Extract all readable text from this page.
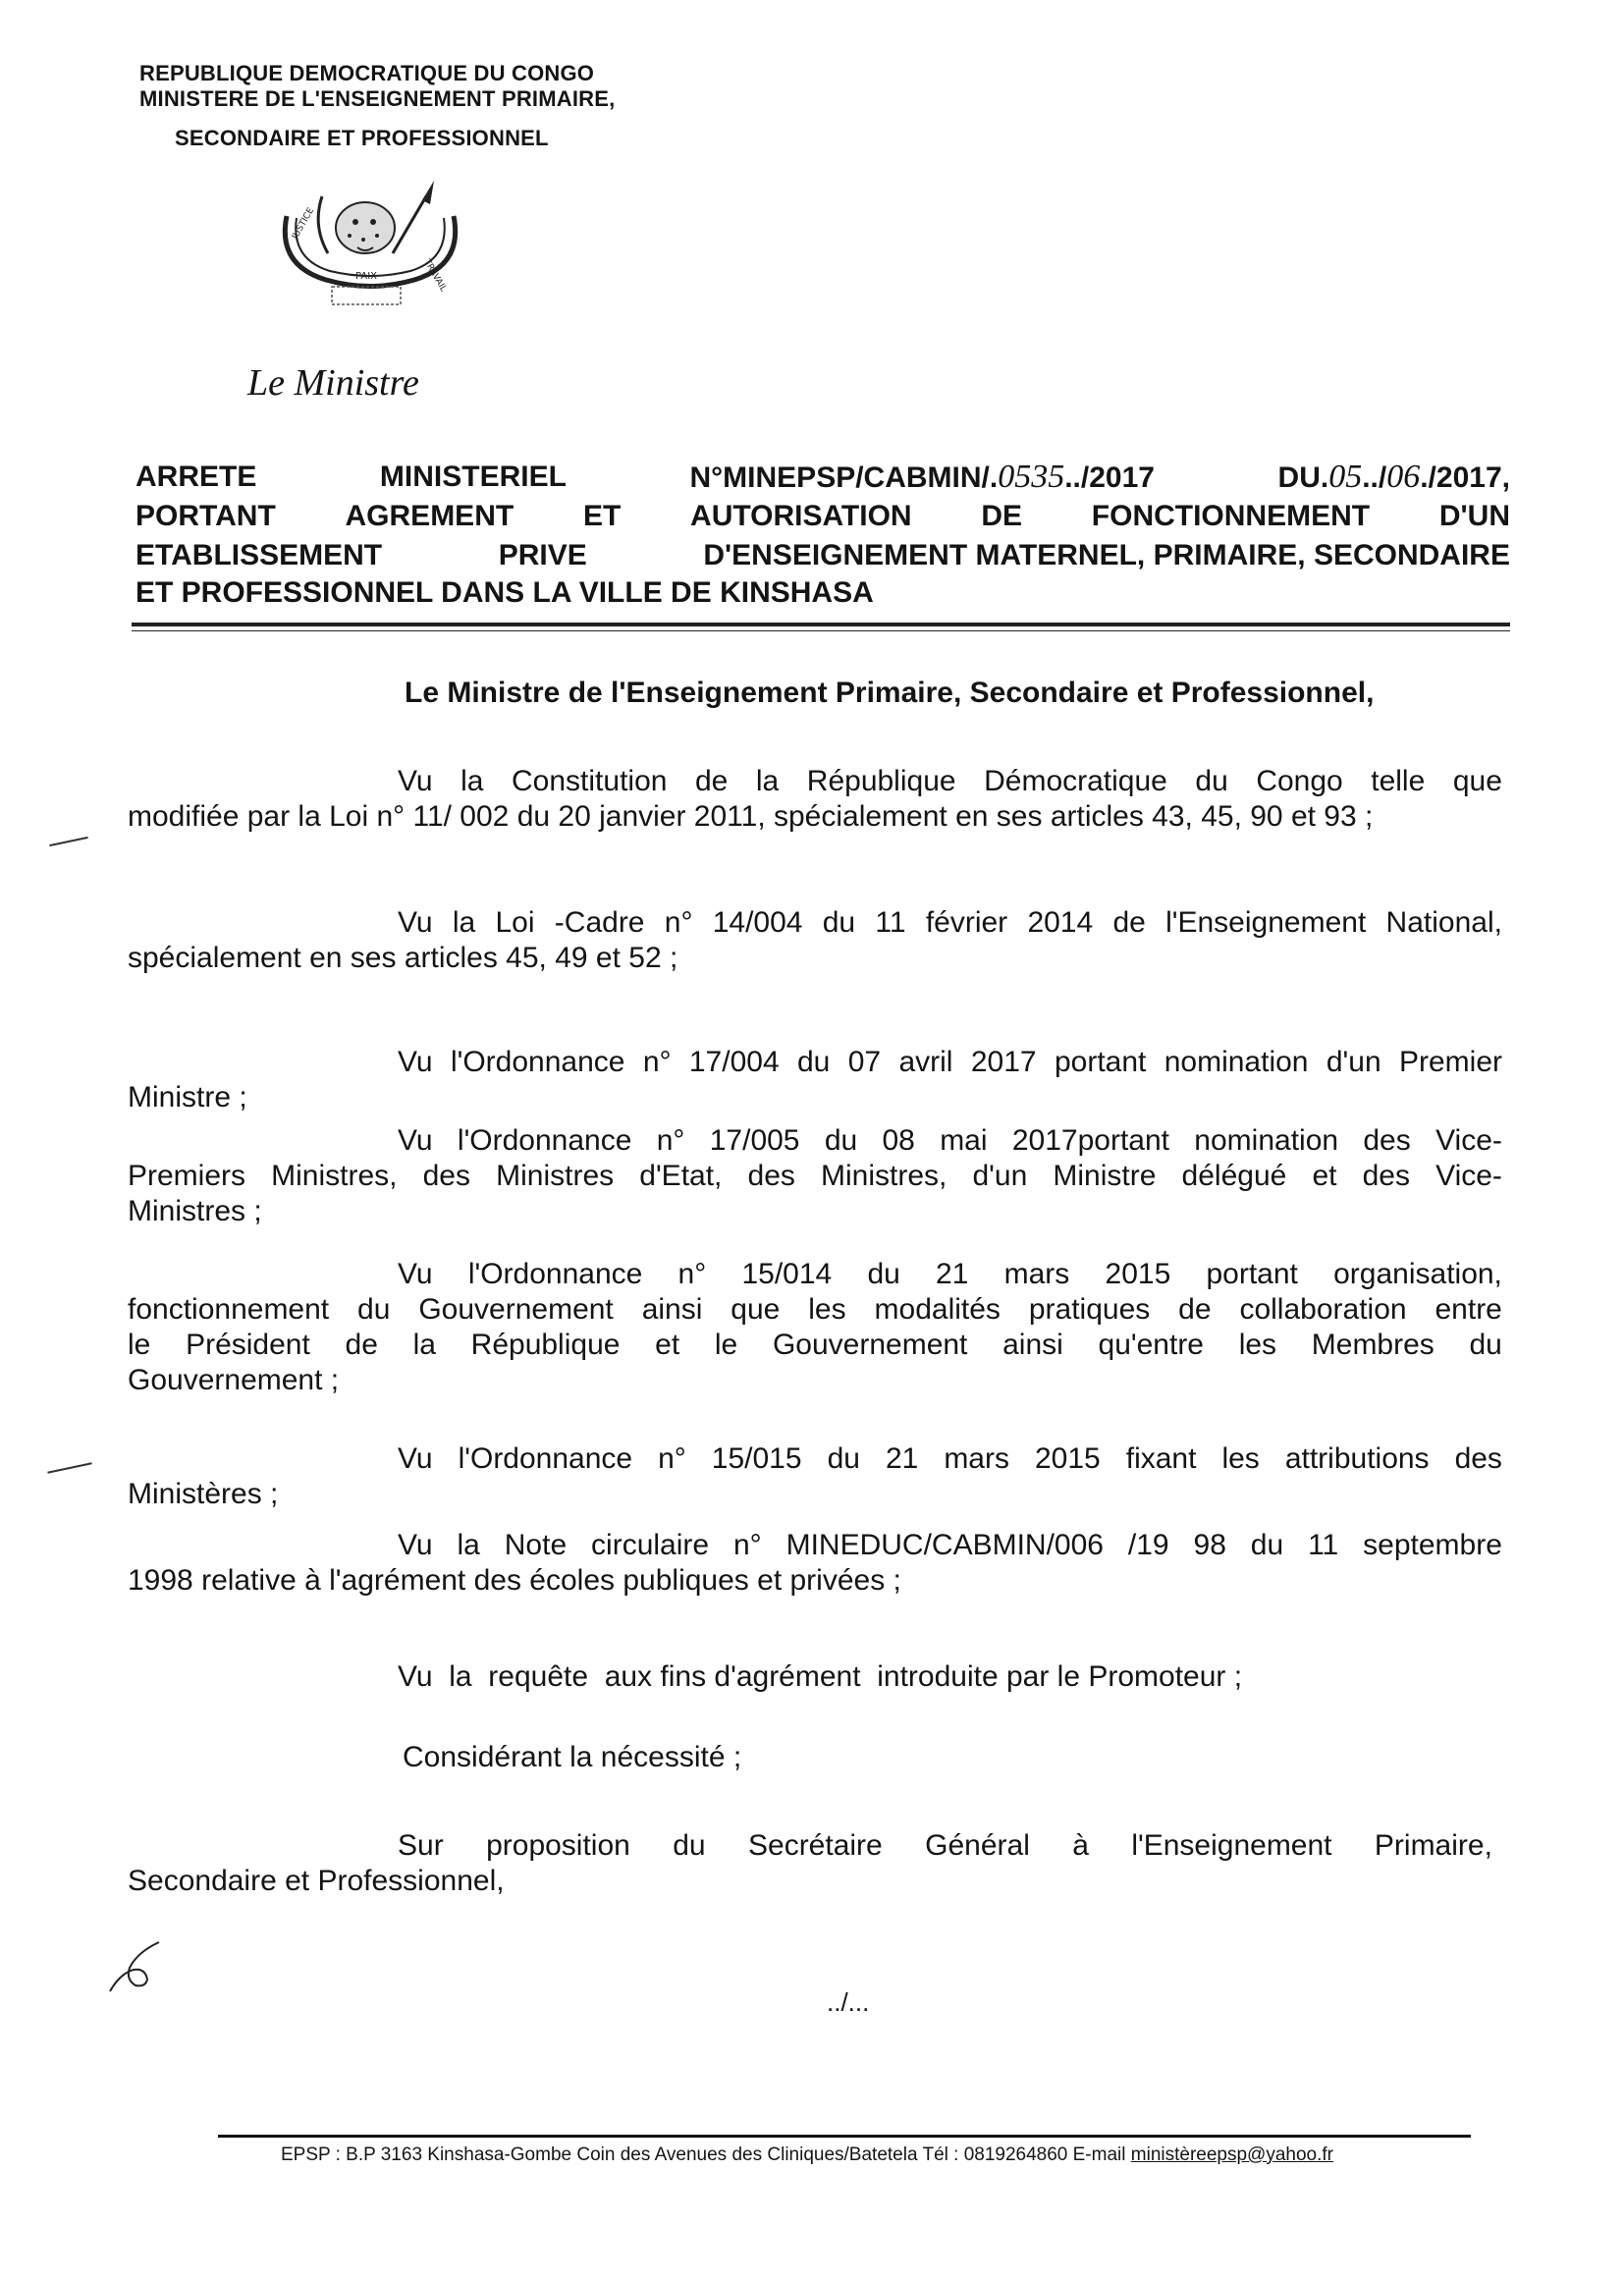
REPUBLIQUE DEMOCRATIQUE DU CONGO
MINISTERE DE L'ENSEIGNEMENT PRIMAIRE,
SECONDAIRE ET PROFESSIONNEL
JUSTICE
PAIX	TRAVAIL
Le Ministre
ARRETE	MINISTERIEL	N°MINEPSP/CABMIN/.0535../2017	DU.05../06./2017,
PORTANT AGREMENT ET AUTORISATION DE FONCTIONNEMENT D'UN
ETABLISSEMENT	PRIVE	D'ENSEIGNEMENT MATERNEL, PRIMAIRE, SECONDAIRE
ET PROFESSIONNEL DANS LA VILLE DE KINSHASA
Le Ministre de l'Enseignement Primaire, Secondaire et Professionnel,
Vu la Constitution de la République Démocratique du Congo telle que
modifiée par la Loi n° 11/ 002 du 20 janvier 2011, spécialement en ses articles 43, 45, 90 et 93 ;
Vu la Loi -Cadre n° 14/004 du 11 février 2014 de l'Enseignement National,
spécialement en ses articles 45, 49 et 52 ;
Vu l'Ordonnance n° 17/004 du 07 avril 2017 portant nomination d'un Premier
Ministre ;
Vu l'Ordonnance n° 17/005 du 08 mai 2017portant nomination des Vice-
Premiers Ministres, des Ministres d'Etat, des Ministres, d'un Ministre délégué et des Vice-
Ministres ;
Vu l'Ordonnance n° 15/014 du 21 mars 2015 portant organisation,
fonctionnement du Gouvernement ainsi que les modalités pratiques de collaboration entre
le Président de la République et le Gouvernement ainsi qu'entre les Membres du
Gouvernement ;
Vu l'Ordonnance n° 15/015 du 21 mars 2015 fixant les attributions des
Ministères ;
Vu la Note circulaire n° MINEDUC/CABMIN/006 /19 98 du 11 septembre
1998 relative à l'agrément des écoles publiques et privées ;
Vu  la  requête  aux fins d'agrément  introduite par le Promoteur ;
Considérant la nécessité ;
Sur proposition du Secrétaire Général à l'Enseignement Primaire,
Secondaire et Professionnel,
../...
EPSP : B.P 3163 Kinshasa-Gombe Coin des Avenues des Cliniques/Batetela Tél : 0819264860 E-mail ministèreepsp@yahoo.fr
